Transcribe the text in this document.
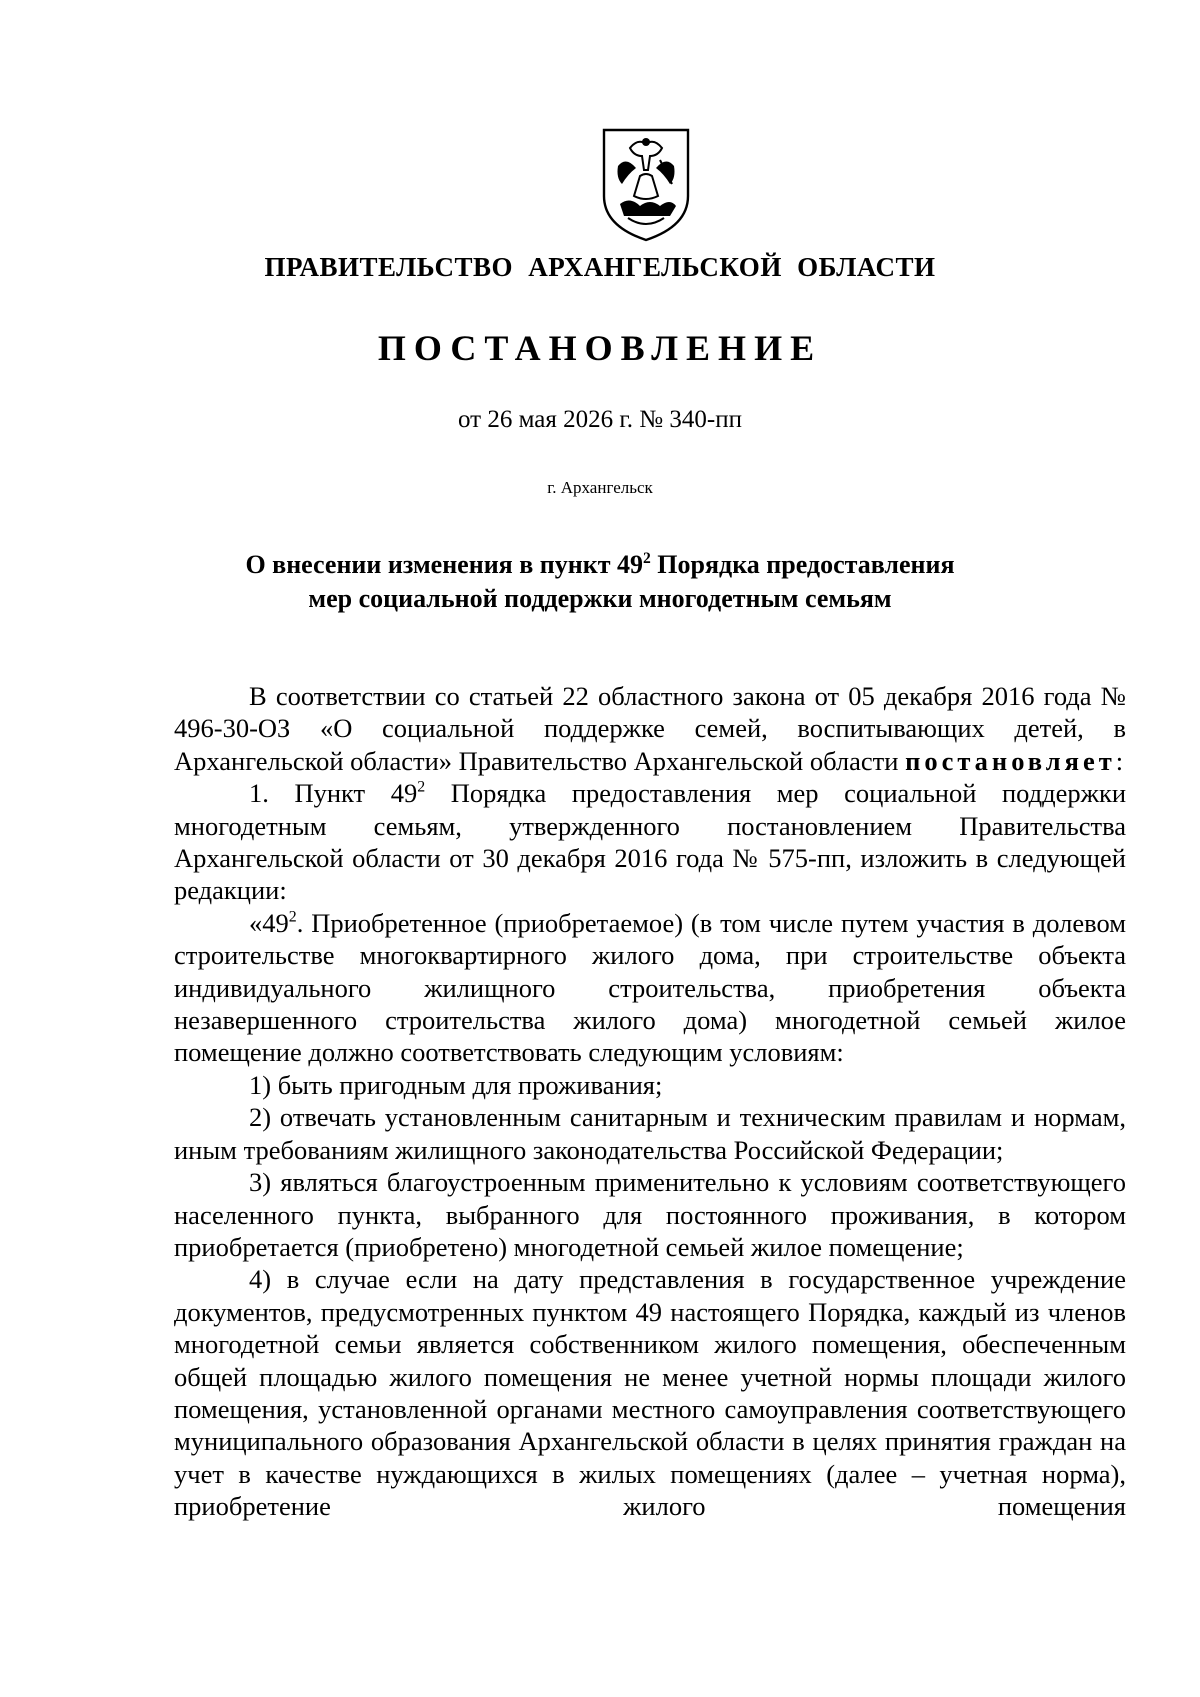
ПРАВИТЕЛЬСТВО АРХАНГЕЛЬСКОЙ ОБЛАСТИ
ПОСТАНОВЛЕНИЕ
от 26 мая 2026 г. № 340-пп
г. Архангельск
О внесении изменения в пункт $49^2$ Порядка предоставления
мер социальной поддержки многодетным семьям

В соответствии со статьей 22 областного закона от 05 декабря 2016 года № 496-30-ОЗ «О социальной поддержке семей, воспитывающих детей, в Архангельской области» Правительство Архангельской области постановляет:

1. Пункт $49^2$ Порядка предоставления мер социальной поддержки многодетным семьям, утвержденного постановлением Правительства Архангельской области от 30 декабря 2016 года № 575-пп, изложить в следующей редакции:

«$49^2$. Приобретенное (приобретаемое) (в том числе путем участия в долевом строительстве многоквартирного жилого дома, при строительстве объекта индивидуального жилищного строительства, приобретения объекта незавершенного строительства жилого дома) многодетной семьей жилое помещение должно соответствовать следующим условиям:

1) быть пригодным для проживания;

2) отвечать установленным санитарным и техническим правилам и нормам, иным требованиям жилищного законодательства Российской Федерации;

3) являться благоустроенным применительно к условиям соответствующего населенного пункта, выбранного для постоянного проживания, в котором приобретается (приобретено) многодетной семьей жилое помещение;

4) в случае если на дату представления в государственное учреждение документов, предусмотренных пунктом 49 настоящего Порядка, каждый из членов многодетной семьи является собственником жилого помещения, обеспеченным общей площадью жилого помещения не менее учетной нормы площади жилого помещения, установленной органами местного самоуправления соответствующего муниципального образования Архангельской области в целях принятия граждан на учет в качестве нуждающихся в жилых помещениях (далее – учетная норма), приобретение жилого помещения
